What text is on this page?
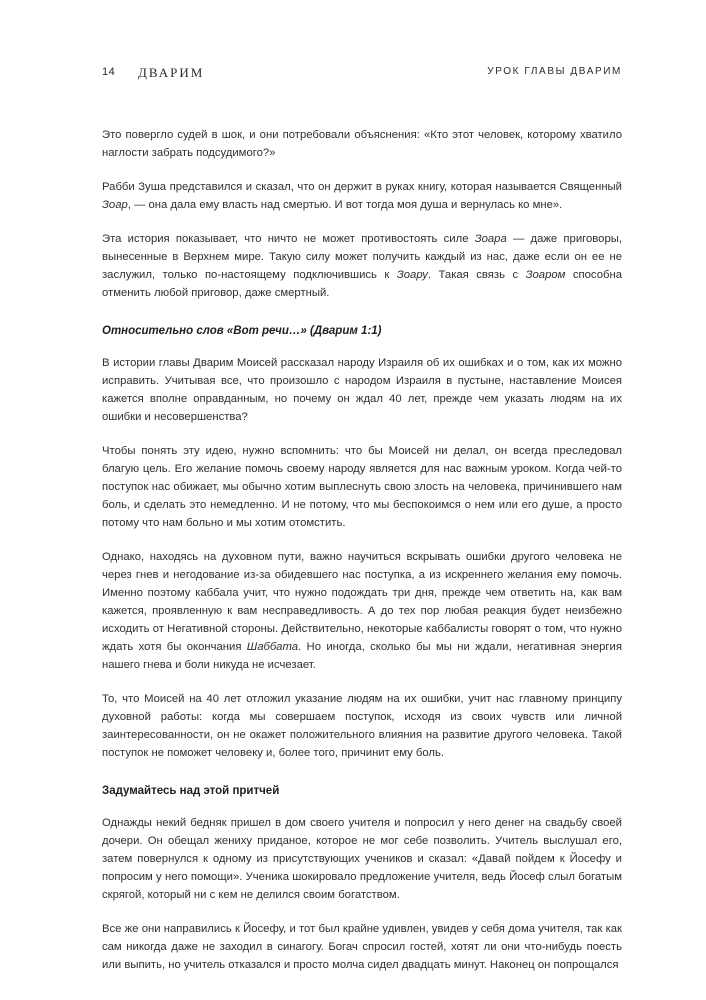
14 ДВАРИМ	УРОК ГЛАВЫ ДВАРИМ

Это повергло судей в шок, и они потребовали объяснения: «Кто этот человек, которому хватило наглости забрать подсудимого?»

Рабби Зуша представился и сказал, что он держит в руках книгу, которая называется Священный Зоар, — она дала ему власть над смертью. И вот тогда моя душа и вернулась ко мне».

Эта история показывает, что ничто не может противостоять силе Зоара — даже приговоры, вынесенные в Верхнем мире. Такую силу может получить каждый из нас, даже если он ее не заслужил, только по-настоящему подключившись к Зоару. Такая связь с Зоаром способна отменить любой приговор, даже смертный.

Относительно слов «Вот речи…» (Дварим 1:1)

В истории главы Дварим Моисей рассказал народу Израиля об их ошибках и о том, как их можно исправить. Учитывая все, что произошло с народом Израиля в пустыне, наставление Моисея кажется вполне оправданным, но почему он ждал 40 лет, прежде чем указать людям на их ошибки и несовершенства?

Чтобы понять эту идею, нужно вспомнить: что бы Моисей ни делал, он всегда преследовал благую цель. Его желание помочь своему народу является для нас важным уроком. Когда чей-то поступок нас обижает, мы обычно хотим выплеснуть свою злость на человека, причинившего нам боль, и сделать это немедленно. И не потому, что мы беспокоимся о нем или его душе, а просто потому что нам больно и мы хотим отомстить.

Однако, находясь на духовном пути, важно научиться вскрывать ошибки другого человека не через гнев и негодование из-за обидевшего нас поступка, а из искреннего желания ему помочь. Именно поэтому каббала учит, что нужно подождать три дня, прежде чем ответить на, как вам кажется, проявленную к вам несправедливость. А до тех пор любая реакция будет неизбежно исходить от Негативной стороны. Действительно, некоторые каббалисты говорят о том, что нужно ждать хотя бы окончания Шаббата. Но иногда, сколько бы мы ни ждали, негативная энергия нашего гнева и боли никуда не исчезает.

То, что Моисей на 40 лет отложил указание людям на их ошибки, учит нас главному принципу духовной работы: когда мы совершаем поступок, исходя из своих чувств или личной заинтересованности, он не окажет положительного влияния на развитие другого человека. Такой поступок не поможет человеку и, более того, причинит ему боль.

Задумайтесь над этой притчей

Однажды некий бедняк пришел в дом своего учителя и попросил у него денег на свадьбу своей дочери. Он обещал жениху приданое, которое не мог себе позволить. Учитель выслушал его, затем повернулся к одному из присутствующих учеников и сказал: «Давай пойдем к Йосефу и попросим у него помощи». Ученика шокировало предложение учителя, ведь Йосеф слыл богатым скрягой, который ни с кем не делился своим богатством.

Все же они направились к Йосефу, и тот был крайне удивлен, увидев у себя дома учителя, так как сам никогда даже не заходил в синагогу. Богач спросил гостей, хотят ли они что-нибудь поесть или выпить, но учитель отказался и просто молча сидел двадцать минут. Наконец он попрощался
